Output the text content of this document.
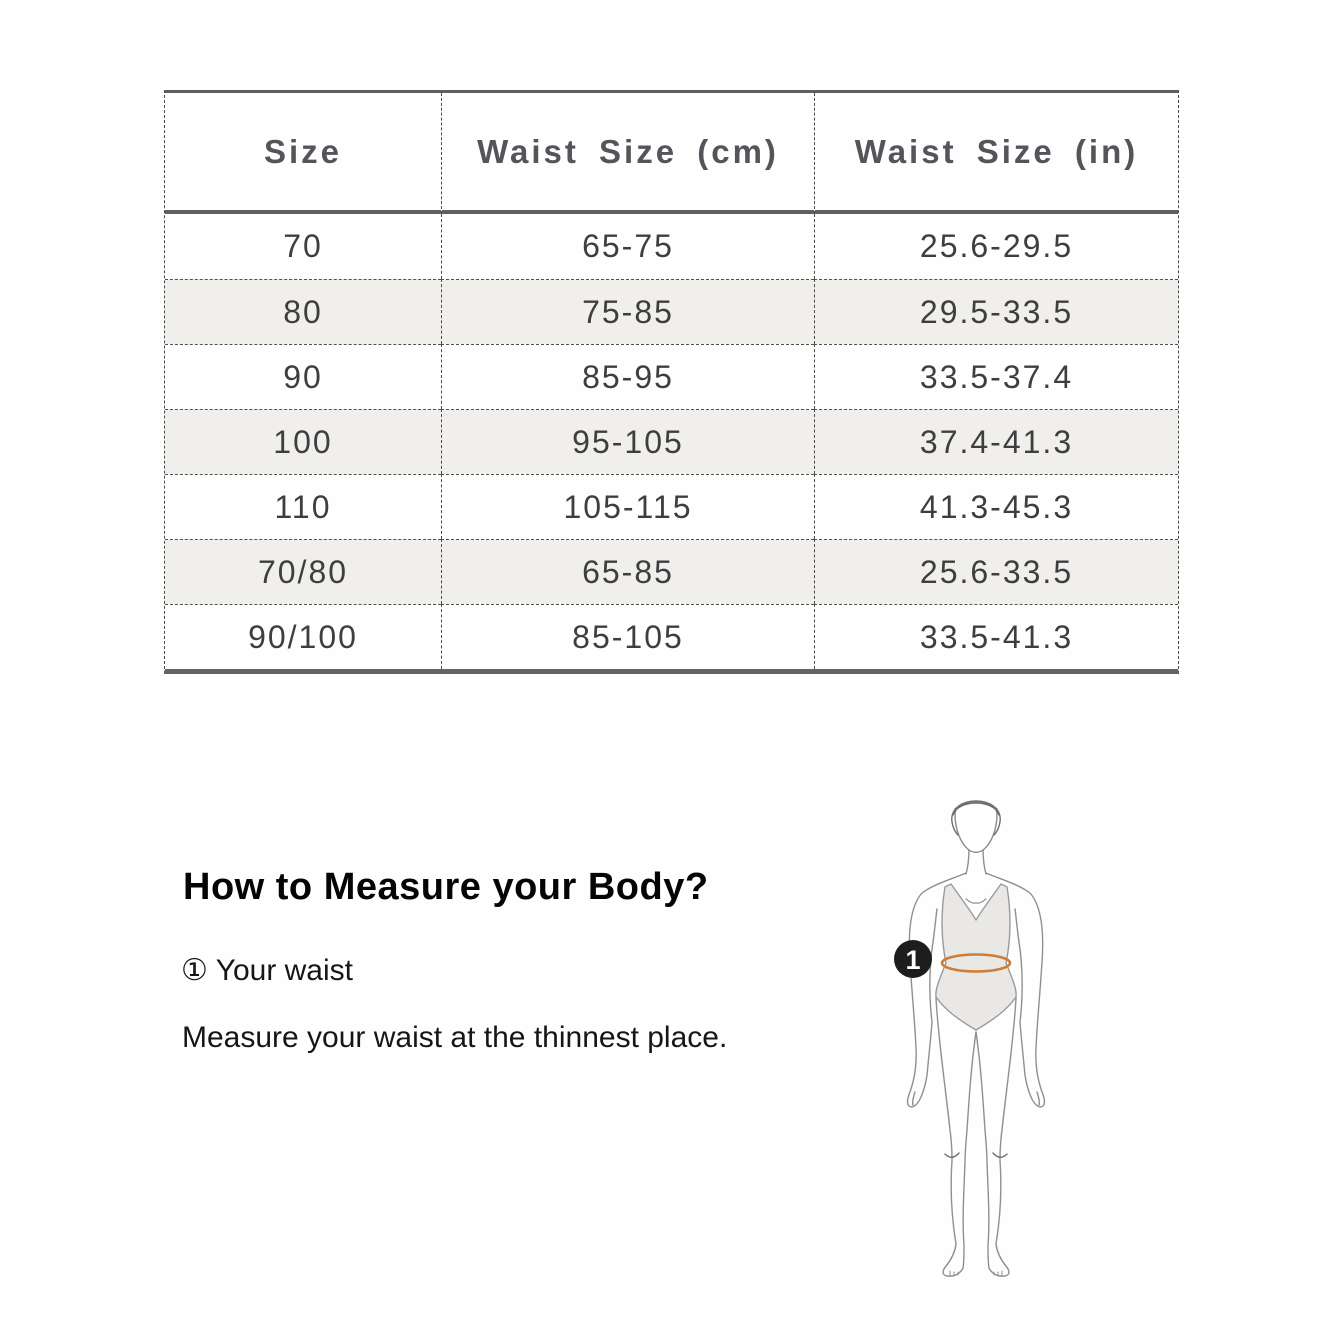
Size	Waist Size (cm)	Waist Size (in)
70	65-75	25.6-29.5
80	75-85	29.5-33.5
90	85-95	33.5-37.4
100	95-105	37.4-41.3
110	105-115	41.3-45.3
70/80	65-85	25.6-33.5
90/100	85-105	33.5-41.3
How to Measure your Body?
① Your waist
Measure your waist at the thinnest place.
1
